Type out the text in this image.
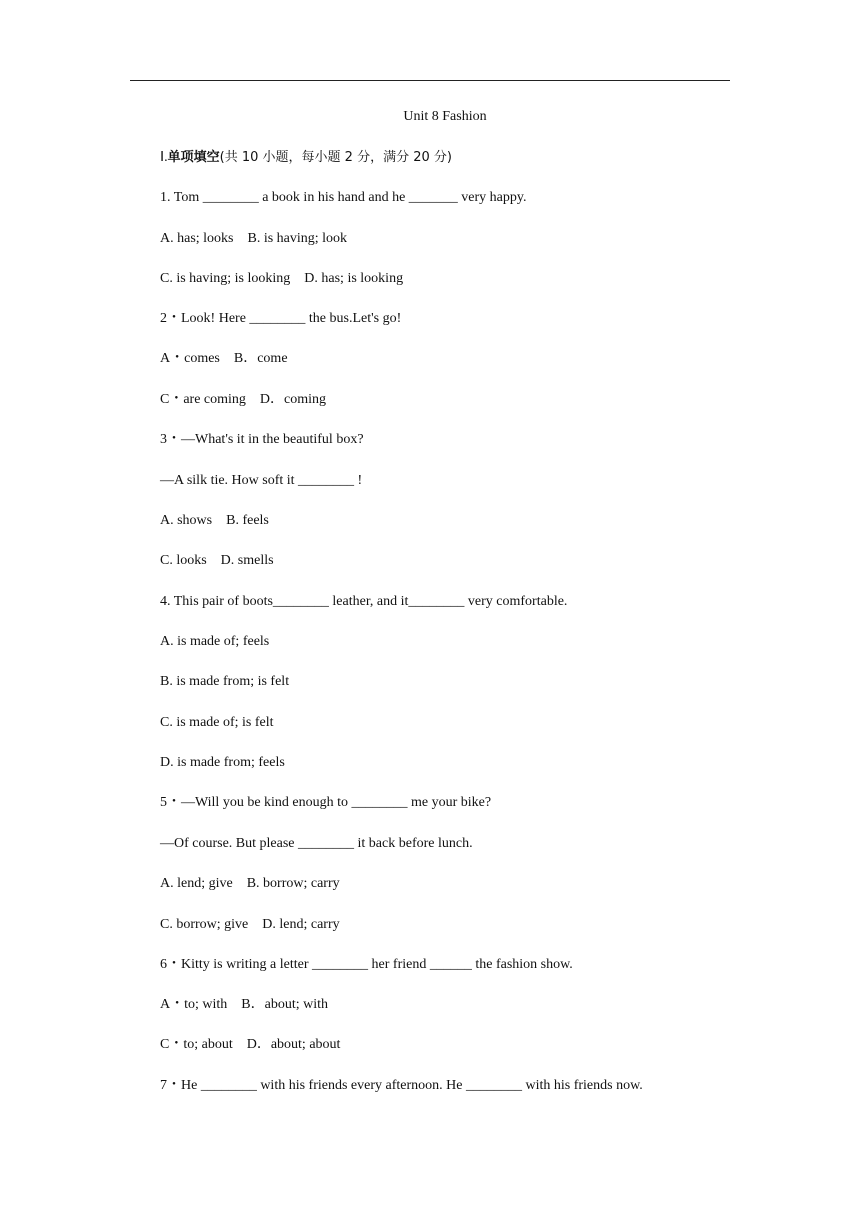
Unit 8 Fashion
Ⅰ.单项填空(共 10 小题，每小题 2 分，满分 20 分)
1. Tom ________ a book in his hand and he _______ very happy.
A. has; looks    B. is having; look
C. is having; is looking    D. has; is looking
2・Look! Here ________ the bus.Let's go!
A・comes    B．come
C・are coming    D．coming
3・—What's it in the beautiful box?
—A silk tie. How soft it ________ !
A. shows    B. feels
C. looks    D. smells
4. This pair of boots________ leather, and it________ very comfortable.
A. is made of; feels
B. is made from; is felt
C. is made of; is felt
D. is made from; feels
5・—Will you be kind enough to ________ me your bike?
—Of course. But please ________ it back before lunch.
A. lend; give    B. borrow; carry
C. borrow; give    D. lend; carry
6・Kitty is writing a letter ________ her friend ______ the fashion show.
A・to; with    B．about; with
C・to; about    D．about; about
7・He ________ with his friends every afternoon. He ________ with his friends now.
